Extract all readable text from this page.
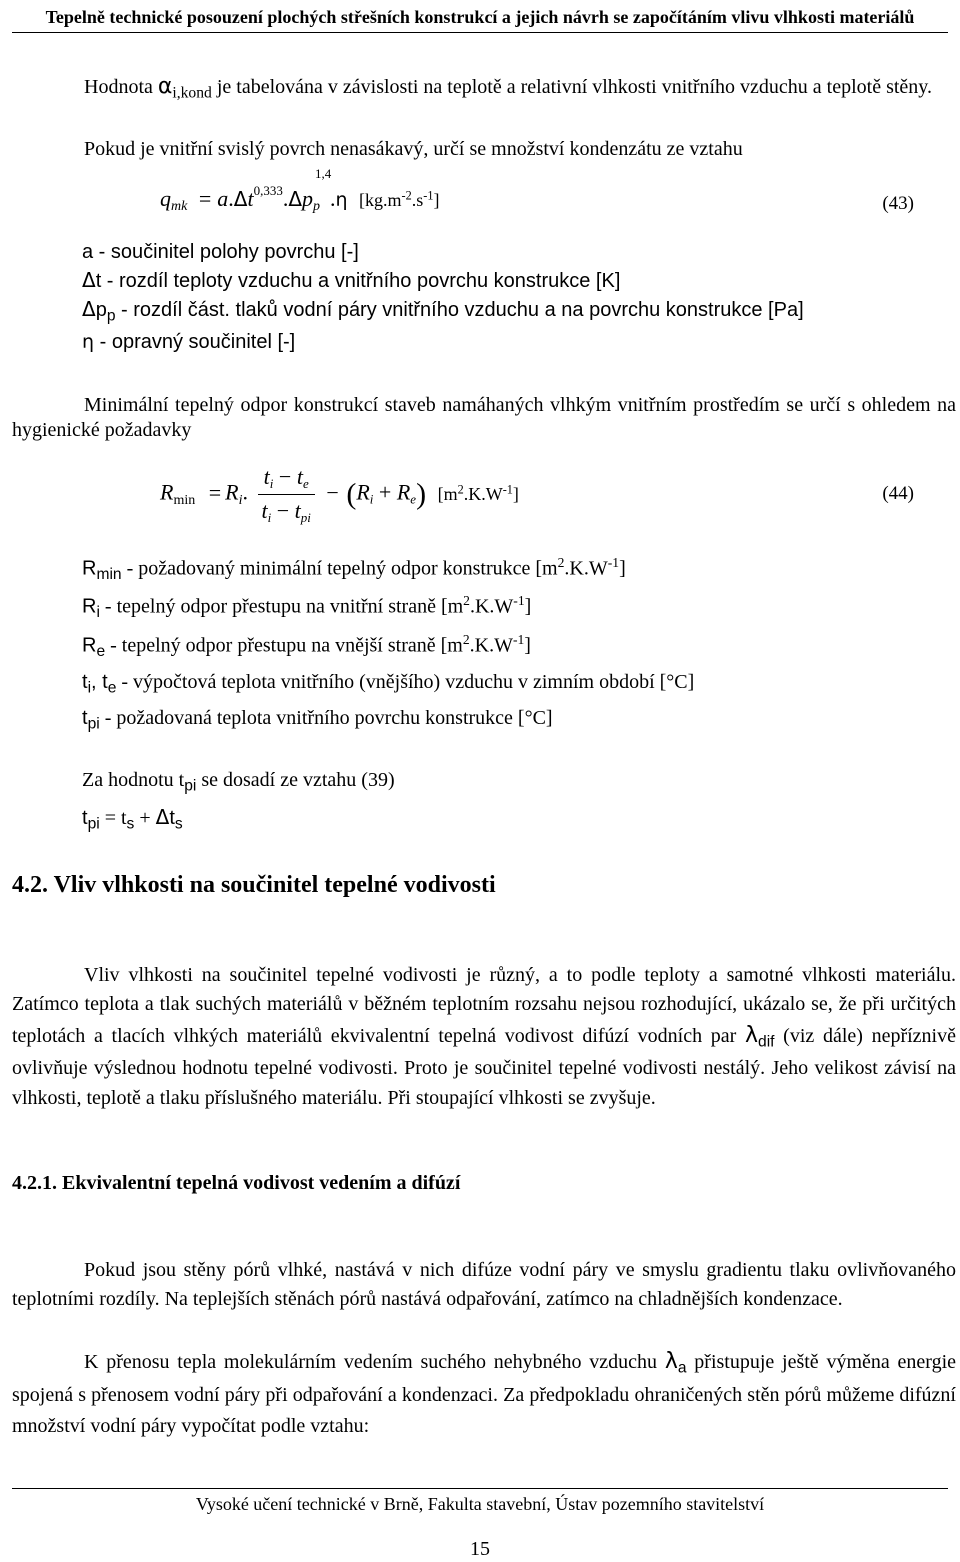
Tepelně technické posouzení plochých střešních konstrukcí a jejich návrh se započítáním vlivu vlhkosti materiálů
Hodnota $\alpha_{i,kond}$ je tabelována v závislosti na teplotě a relativní vlhkosti vnitřního vzduchu a teplotě stěny.
Pokud je vnitřní svislý povrch nenasákavý, určí se množství kondenzátu ze vztahu
$q_{mk} = a.\Delta t^{0,333}.\Delta p_p$
1,4
.η $[kg.m^{-2}.s^{-1}]$	(43)
a - součinitel polohy povrchu [-]
Δt - rozdíl teploty vzduchu a vnitřního povrchu konstrukce [K]
$\Delta p_p$ - rozdíl část. tlaků vodní páry vnitřního vzduchu a na povrchu konstrukce [Pa]
η - opravný součinitel [-]
Minimální tepelný odpor konstrukcí staveb namáhaných vlhkým vnitřním prostředím se určí s ohledem na hygienické požadavky
$R_{min} = R_i$. $\frac{t_i - t_e}{t_i - t_{pi}} - (R_i + R_e)$ $[m^2.K.W^{-1}]$	(44)
$R_{min}$ - požadovaný minimální tepelný odpor konstrukce $[m^2.K.W^{-1}]$
$R_i$ - tepelný odpor přestupu na vnitřní straně $[m^2.K.W^{-1}]$
$R_e$ - tepelný odpor přestupu na vnější straně $[m^2.K.W^{-1}]$
$t_i$, $t_e$ - výpočtová teplota vnitřního (vnějšího) vzduchu v zimním období [°C]
$t_{pi}$ - požadovaná teplota vnitřního povrchu konstrukce [°C]
Za hodnotu $t_{pi}$ se dosadí ze vztahu (39)
$t_{pi} = t_s + \Delta t_s$
4.2. Vliv vlhkosti na součinitel tepelné vodivosti
Vliv vlhkosti na součinitel tepelné vodivosti je různý, a to podle teploty a samotné vlhkosti materiálu. Zatímco teplota a tlak suchých materiálů v běžném teplotním rozsahu nejsou rozhodující, ukázalo se, že při určitých teplotách a tlacích vlhkých materiálů ekvivalentní tepelná vodivost difúzí vodních par $\lambda_{dif}$ (viz dále) nepříznivě ovlivňuje výslednou hodnotu tepelné vodivosti. Proto je součinitel tepelné vodivosti nestálý. Jeho velikost závisí na vlhkosti, teplotě a tlaku příslušného materiálu. Při stoupající vlhkosti se zvyšuje.
4.2.1. Ekvivalentní tepelná vodivost vedením a difúzí
Pokud jsou stěny pórů vlhké, nastává v nich difúze vodní páry ve smyslu gradientu tlaku ovlivňovaného teplotními rozdíly. Na teplejších stěnách pórů nastává odpařování, zatímco na chladnějších kondenzace.
K přenosu tepla molekulárním vedením suchého nehybného vzduchu $\lambda_a$ přistupuje ještě výměna energie spojená s přenosem vodní páry při odpařování a kondenzaci. Za předpokladu ohraničených stěn pórů můžeme difúzní množství vodní páry vypočítat podle vztahu:
Vysoké učení technické v Brně, Fakulta stavební, Ústav pozemního stavitelství
15
